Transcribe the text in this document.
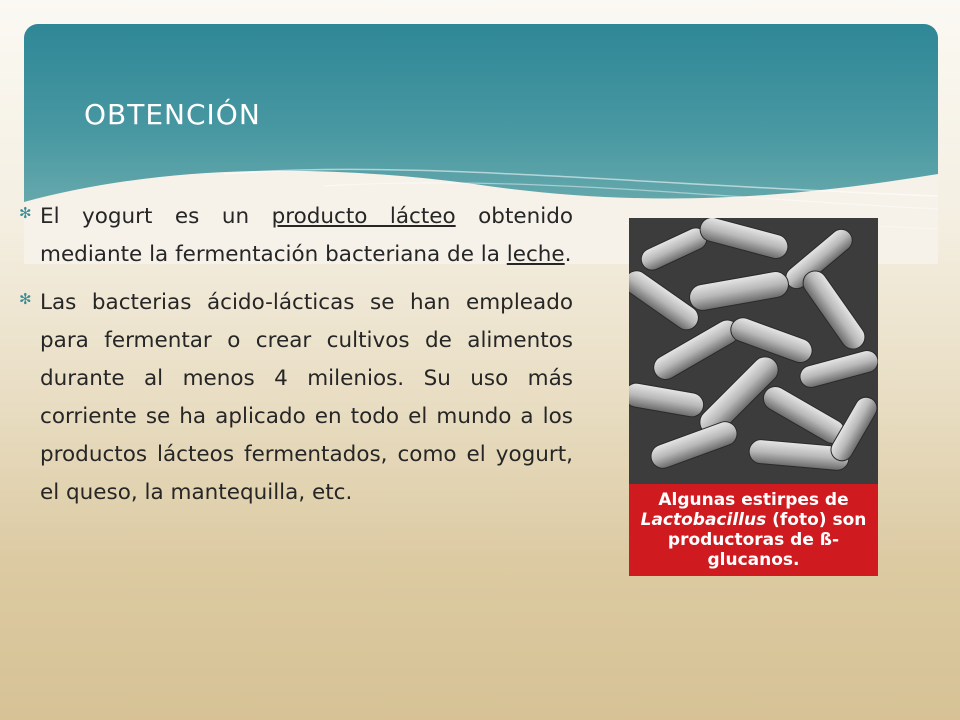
OBTENCIÓN
✻ El yogurt es un producto lácteo obtenido mediante la fermentación bacteriana de la leche.

✻ Las bacterias ácido-lácticas se han empleado para fermentar o crear cultivos de alimentos durante al menos 4 milenios. Su uso más corriente se ha aplicado en todo el mundo a los productos lácteos fermentados, como el yogurt, el queso, la mantequilla, etc.	Algunas estirpes de Lactobacillus (foto) son productoras de ß-glucanos.
